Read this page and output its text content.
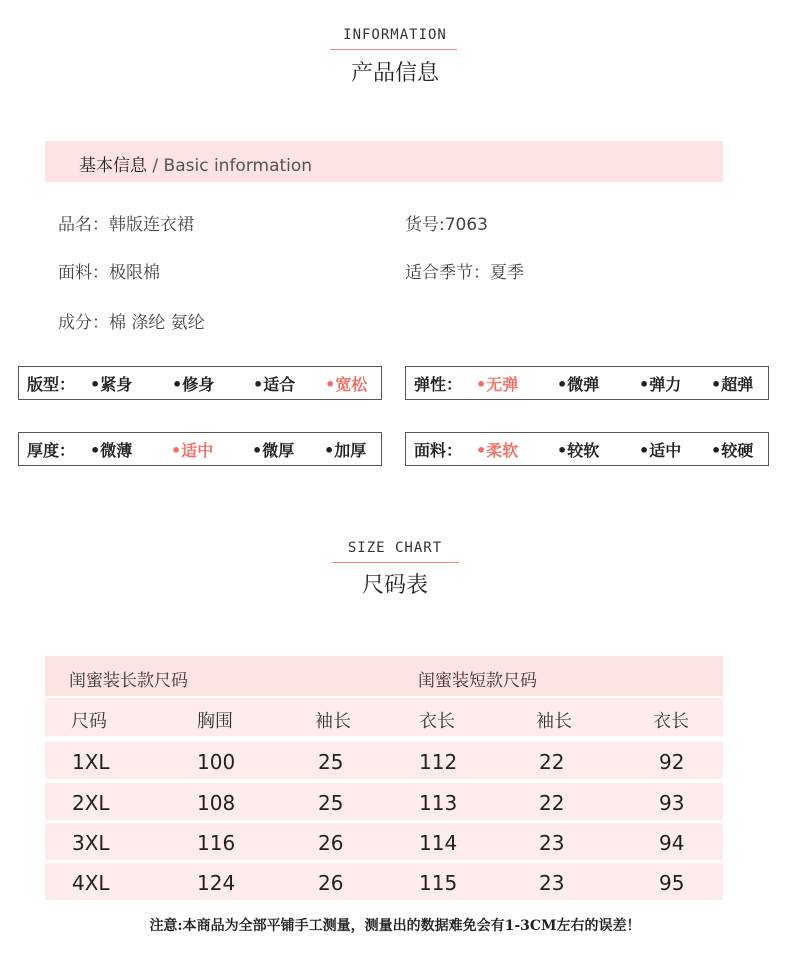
INFORMATION
产品信息
基本信息 / Basic information
品名：韩版连衣裙	货号:7063
面料：极限棉	适合季节：夏季
成分：棉 涤纶 氨纶
版型： •紧身 •修身 •适合 •宽松	弹性： •无弹 •微弹 •弹力 •超弹
厚度： •微薄 •适中 •微厚 •加厚	面料： •柔软 •较软 •适中 •较硬
SIZE CHART
尺码表
闺蜜装长款尺码	闺蜜装短款尺码
尺码	胸围	袖长	衣长	袖长	衣长
1XL	100	25	112	22	92
2XL	108	25	113	22	93
3XL	116	26	114	23	94
4XL	124	26	115	23	95
注意:本商品为全部平铺手工测量，测量出的数据难免会有1-3CM左右的误差！
